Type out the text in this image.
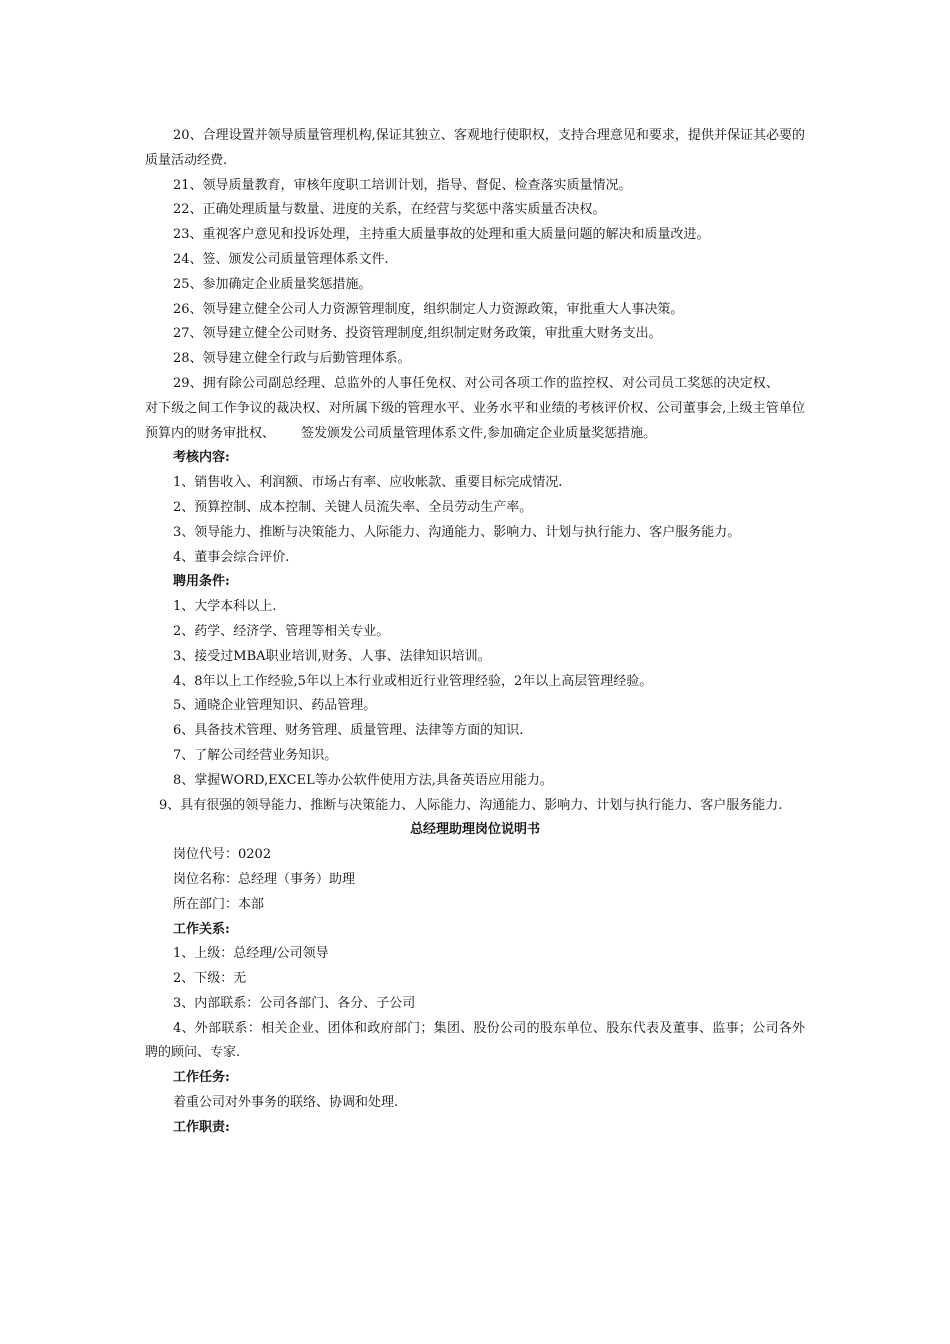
20、合理设置并领导质量管理机构,保证其独立、客观地行使职权，支持合理意见和要求，提供并保证其必要的质量活动经费.

21、领导质量教育，审核年度职工培训计划，指导、督促、检查落实质量情况。

22、正确处理质量与数量、进度的关系，在经营与奖惩中落实质量否决权。

23、重视客户意见和投诉处理，主持重大质量事故的处理和重大质量问题的解决和质量改进。

24、签、颁发公司质量管理体系文件.

25、参加确定企业质量奖惩措施。

26、领导建立健全公司人力资源管理制度，组织制定人力资源政策，审批重大人事决策。

27、领导建立健全公司财务、投资管理制度,组织制定财务政策，审批重大财务支出。

28、领导建立健全行政与后勤管理体系。

29、拥有除公司副总经理、总监外的人事任免权、对公司各项工作的监控权、对公司员工奖惩的决定权、对下级之间工作争议的裁决权、对所属下级的管理水平、业务水平和业绩的考核评价权、公司董事会,上级主管单位预算内的财务审批权、 签发颁发公司质量管理体系文件,参加确定企业质量奖惩措施。

考核内容:

1、销售收入、利润额、市场占有率、应收帐款、重要目标完成情况.

2、预算控制、成本控制、关键人员流失率、全员劳动生产率。

3、领导能力、推断与决策能力、人际能力、沟通能力、影响力、计划与执行能力、客户服务能力。

4、董事会综合评价.

聘用条件:

1、大学本科以上.

2、药学、经济学、管理等相关专业。

3、接受过MBA职业培训,财务、人事、法律知识培训。

4、8年以上工作经验,5年以上本行业或相近行业管理经验，2年以上高层管理经验。

5、通晓企业管理知识、药品管理。

6、具备技术管理、财务管理、质量管理、法律等方面的知识.

7、了解公司经营业务知识。

8、掌握WORD,EXCEL等办公软件使用方法,具备英语应用能力。

9、具有很强的领导能力、推断与决策能力、人际能力、沟通能力、影响力、计划与执行能力、客户服务能力.

总经理助理岗位说明书

岗位代号：0202

岗位名称：总经理（事务）助理

所在部门：本部

工作关系:

1、上级：总经理/公司领导

2、下级：无

3、内部联系：公司各部门、各分、子公司

4、外部联系：相关企业、团体和政府部门；集团、股份公司的股东单位、股东代表及董事、监事；公司各外聘的顾问、专家.

工作任务:

着重公司对外事务的联络、协调和处理.

工作职责:
